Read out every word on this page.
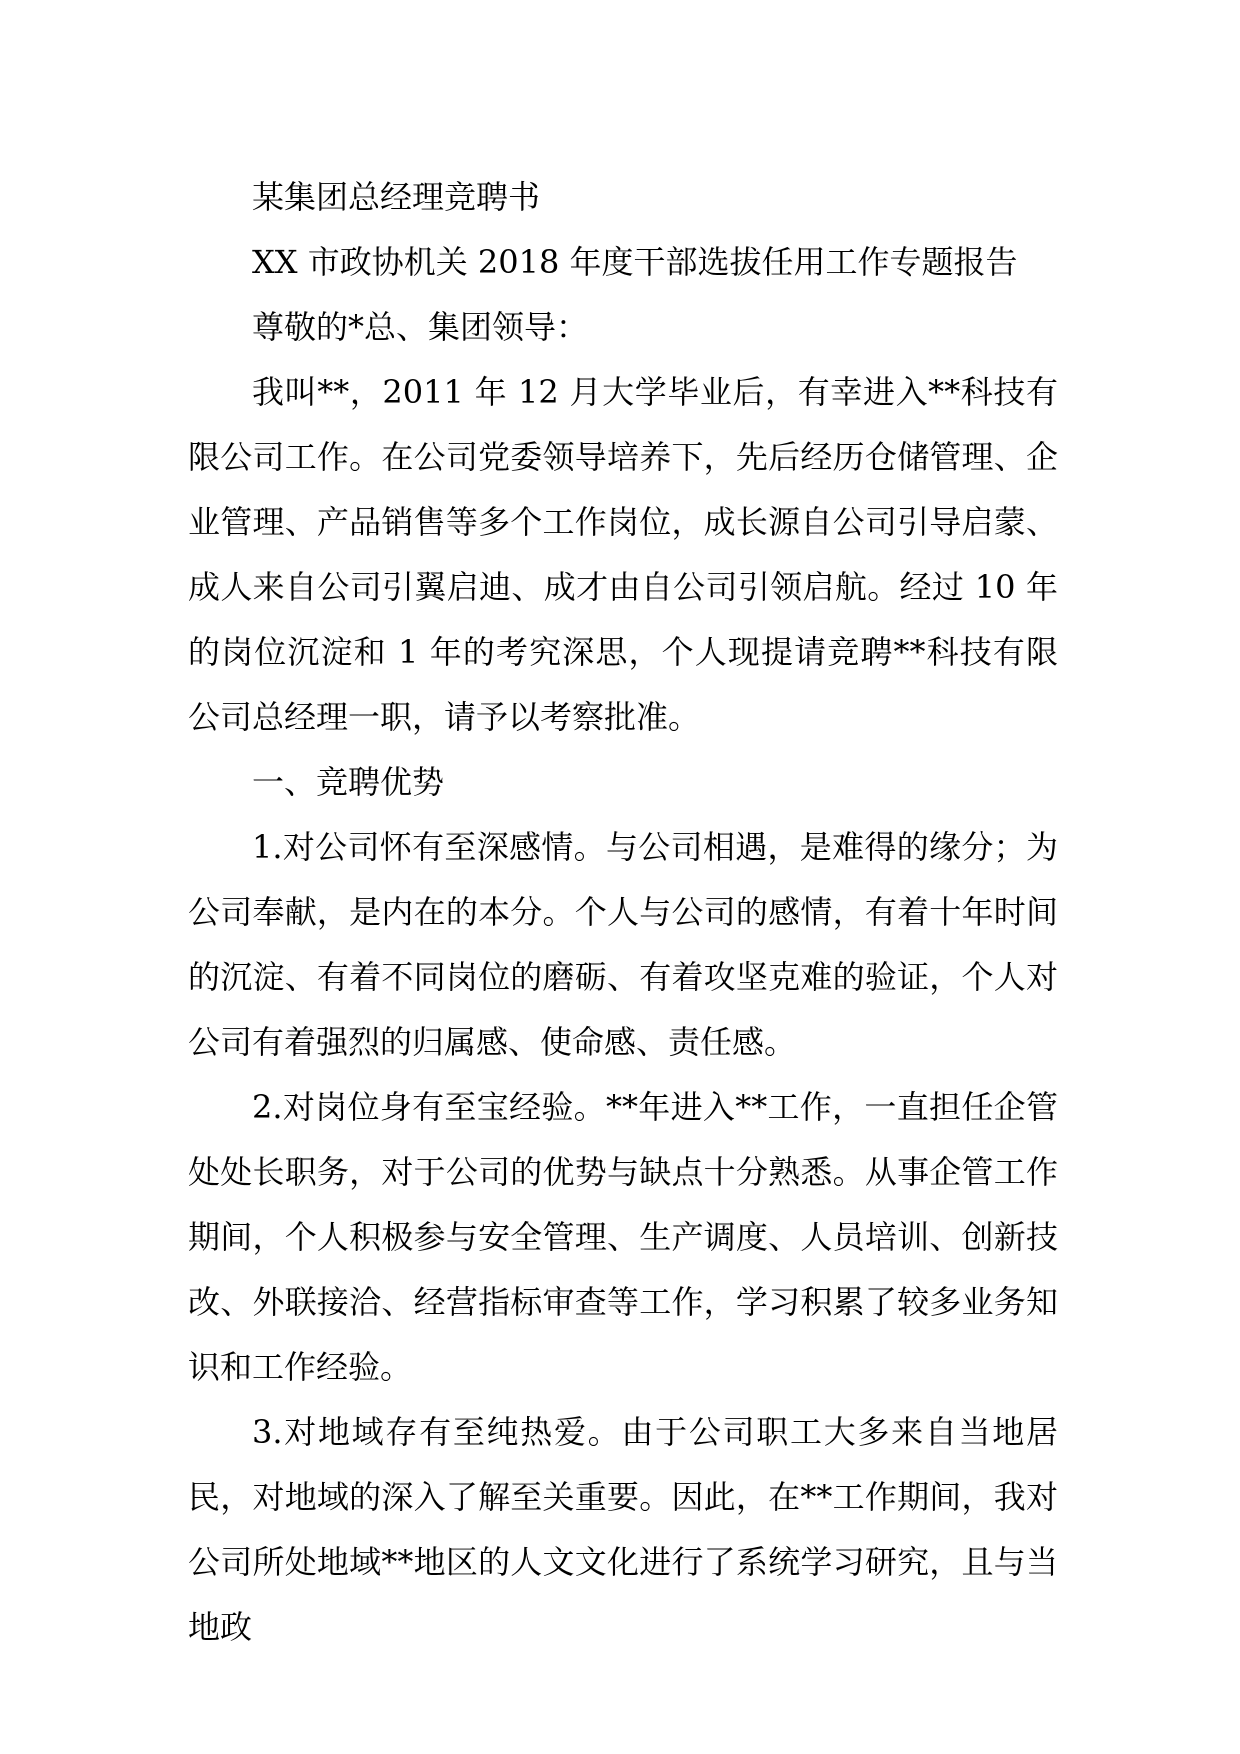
某集团总经理竞聘书

XX 市政协机关 2018 年度干部选拔任用工作专题报告

尊敬的*总、集团领导：

我叫**，2011 年 12 月大学毕业后，有幸进入**科技有限公司工作。在公司党委领导培养下，先后经历仓储管理、企业管理、产品销售等多个工作岗位，成长源自公司引导启蒙、成人来自公司引翼启迪、成才由自公司引领启航。经过 10 年的岗位沉淀和 1 年的考究深思，个人现提请竞聘**科技有限公司总经理一职，请予以考察批准。

一、竞聘优势

1.对公司怀有至深感情。与公司相遇，是难得的缘分；为公司奉献，是内在的本分。个人与公司的感情，有着十年时间的沉淀、有着不同岗位的磨砺、有着攻坚克难的验证，个人对公司有着强烈的归属感、使命感、责任感。

2.对岗位身有至宝经验。**年进入**工作，一直担任企管处处长职务，对于公司的优势与缺点十分熟悉。从事企管工作期间，个人积极参与安全管理、生产调度、人员培训、创新技改、外联接洽、经营指标审查等工作，学习积累了较多业务知识和工作经验。

3.对地域存有至纯热爱。由于公司职工大多来自当地居民，对地域的深入了解至关重要。因此，在**工作期间，我对公司所处地域**地区的人文文化进行了系统学习研究，且与当地政
